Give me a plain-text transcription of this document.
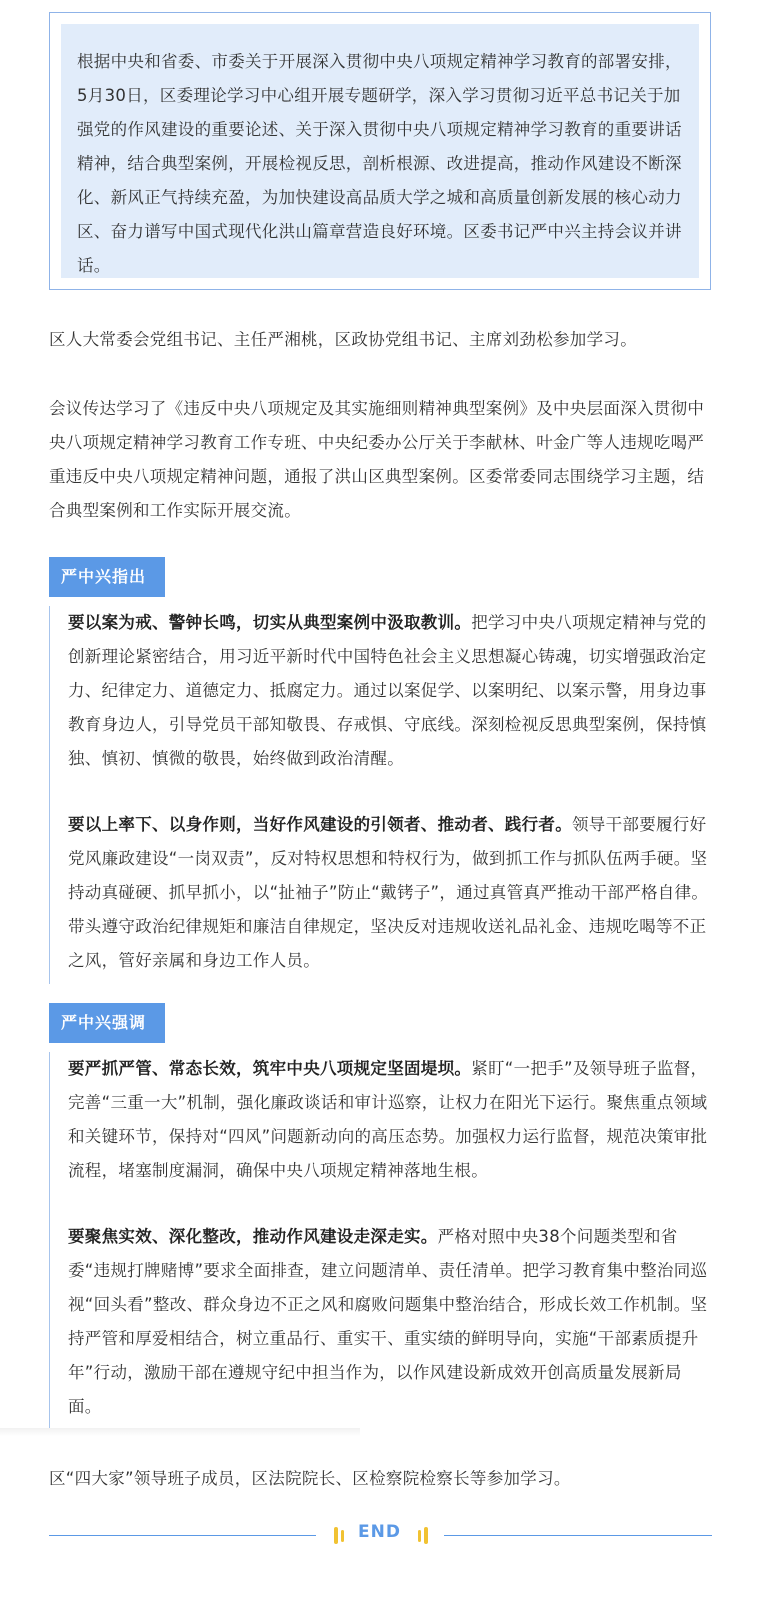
根据中央和省委、市委关于开展深入贯彻中央八项规定精神学习教育的部署安排，5月30日，区委理论学习中心组开展专题研学，深入学习贯彻习近平总书记关于加强党的作风建设的重要论述、关于深入贯彻中央八项规定精神学习教育的重要讲话精神，结合典型案例，开展检视反思，剖析根源、改进提高，推动作风建设不断深化、新风正气持续充盈，为加快建设高品质大学之城和高质量创新发展的核心动力区、奋力谱写中国式现代化洪山篇章营造良好环境。区委书记严中兴主持会议并讲话。

区人大常委会党组书记、主任严湘桃，区政协党组书记、主席刘劲松参加学习。

会议传达学习了《违反中央八项规定及其实施细则精神典型案例》及中央层面深入贯彻中央八项规定精神学习教育工作专班、中央纪委办公厅关于李献林、叶金广等人违规吃喝严重违反中央八项规定精神问题，通报了洪山区典型案例。区委常委同志围绕学习主题，结合典型案例和工作实际开展交流。

严中兴指出
要以案为戒、警钟长鸣，切实从典型案例中汲取教训。把学习中央八项规定精神与党的创新理论紧密结合，用习近平新时代中国特色社会主义思想凝心铸魂，切实增强政治定力、纪律定力、道德定力、抵腐定力。通过以案促学、以案明纪、以案示警，用身边事教育身边人，引导党员干部知敬畏、存戒惧、守底线。深刻检视反思典型案例，保持慎独、慎初、慎微的敬畏，始终做到政治清醒。
要以上率下、以身作则，当好作风建设的引领者、推动者、践行者。领导干部要履行好党风廉政建设“一岗双责”，反对特权思想和特权行为，做到抓工作与抓队伍两手硬。坚持动真碰硬、抓早抓小，以“扯袖子”防止“戴铐子”，通过真管真严推动干部严格自律。带头遵守政治纪律规矩和廉洁自律规定，坚决反对违规收送礼品礼金、违规吃喝等不正之风，管好亲属和身边工作人员。
严中兴强调
要严抓严管、常态长效，筑牢中央八项规定坚固堤坝。紧盯“一把手”及领导班子监督，完善“三重一大”机制，强化廉政谈话和审计巡察，让权力在阳光下运行。聚焦重点领域和关键环节，保持对“四风”问题新动向的高压态势。加强权力运行监督，规范决策审批流程，堵塞制度漏洞，确保中央八项规定精神落地生根。
要聚焦实效、深化整改，推动作风建设走深走实。严格对照中央38个问题类型和省委“违规打牌赌博”要求全面排查，建立问题清单、责任清单。把学习教育集中整治同巡视“回头看”整改、群众身边不正之风和腐败问题集中整治结合，形成长效工作机制。坚持严管和厚爱相结合，树立重品行、重实干、重实绩的鲜明导向，实施“干部素质提升年”行动，激励干部在遵规守纪中担当作为，以作风建设新成效开创高质量发展新局面。

区“四大家”领导班子成员，区法院院长、区检察院检察长等参加学习。

END
